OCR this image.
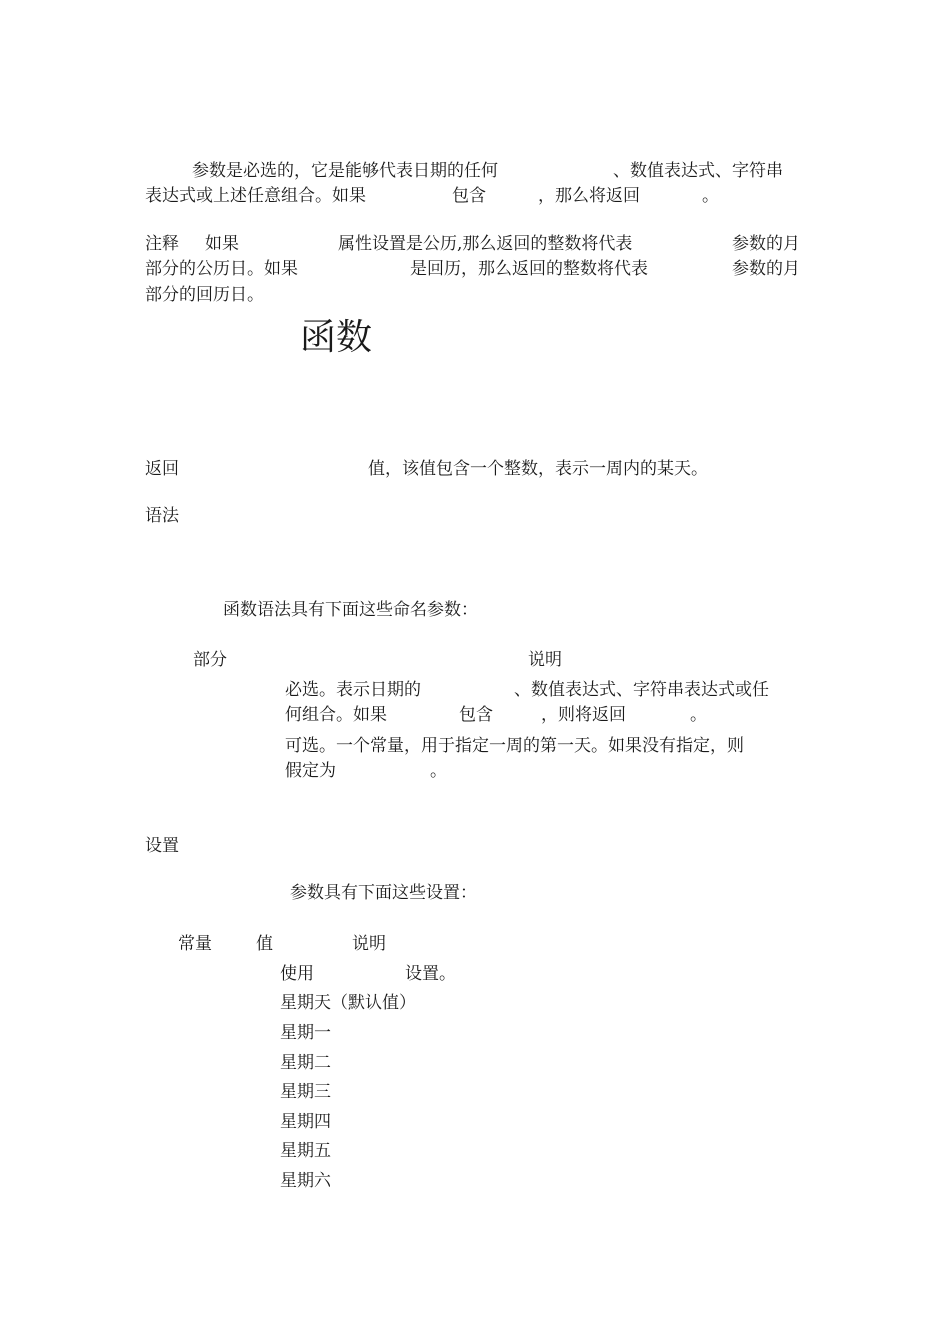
参数是必选的，它是能够代表日期的任何	、数值表达式、字符串

表达式或上述任意组合。如果	包含	，那么将返回	。

注释 如果	属性设置是公历,那么返回的整数将代表	参数的月

部分的公历日。如果	是回历，那么返回的整数将代表	参数的月

部分的回历日。

函数

返回	值，该值包含一个整数，表示一周内的某天。

语法

函数语法具有下面这些命名参数：

部分	说明

必选。表示日期的	、数值表达式、字符串表达式或任

何组合。如果	包含	，则将返回	。

可选。一个常量，用于指定一周的第一天。如果没有指定，则

假定为	。

设置

参数具有下面这些设置：

常量	值	说明

使用	设置。

星期天（默认值）

星期一

星期二

星期三

星期四

星期五

星期六
